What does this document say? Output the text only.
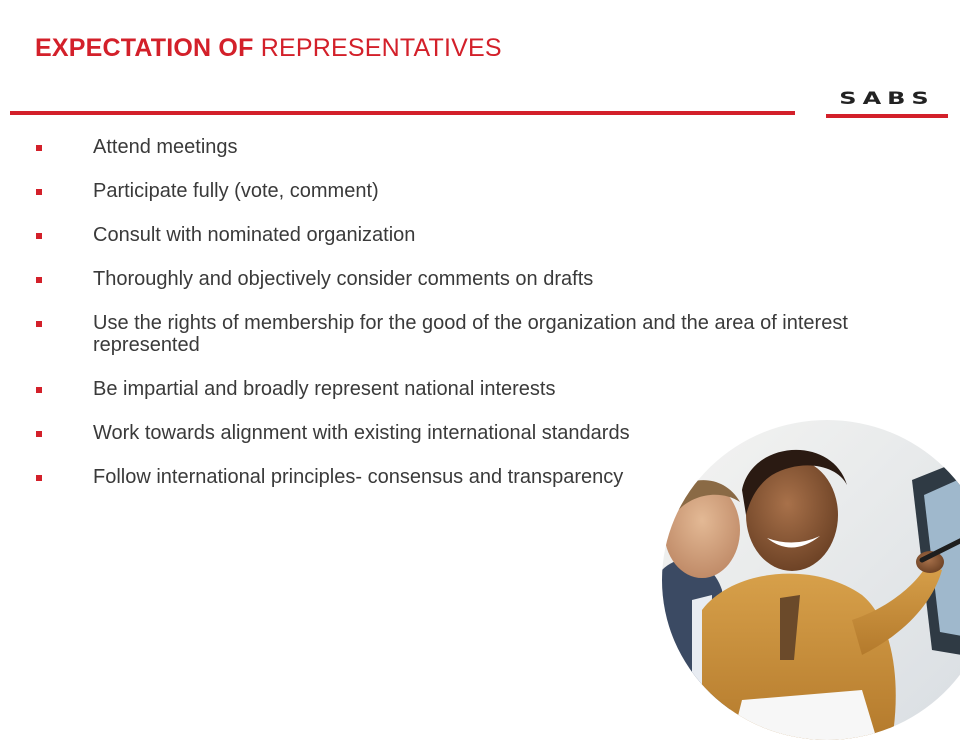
EXPECTATION OF REPRESENTATIVES
SABS
Attend meetings
Participate fully (vote, comment)
Consult with nominated organization
Thoroughly and objectively consider comments on drafts
Use the rights of membership for the good of the organization and the area of interest represented
Be impartial and broadly represent national interests
Work towards alignment with existing international standards
Follow international principles- consensus and transparency
